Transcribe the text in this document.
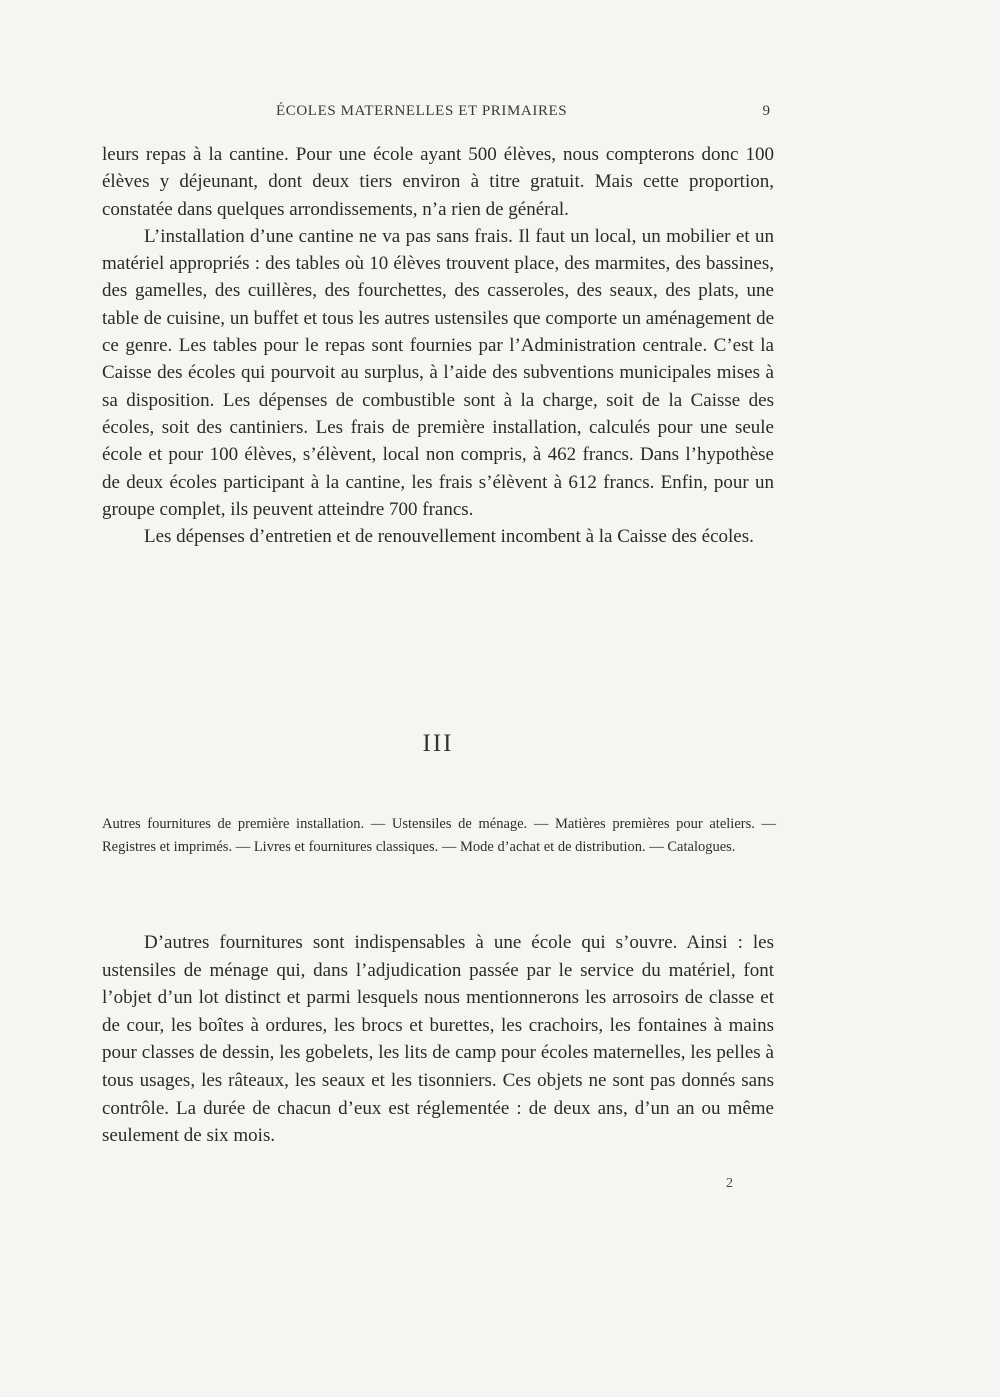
ÉCOLES MATERNELLES ET PRIMAIRES	9

leurs repas à la cantine. Pour une école ayant 500 élèves, nous compterons donc 100 élèves y déjeunant, dont deux tiers environ à titre gratuit. Mais cette proportion, constatée dans quelques arrondissements, n’a rien de général.

L’installation d’une cantine ne va pas sans frais. Il faut un local, un mobilier et un matériel appropriés : des tables où 10 élèves trouvent place, des marmites, des bassines, des gamelles, des cuillères, des fourchettes, des casseroles, des seaux, des plats, une table de cuisine, un buffet et tous les autres ustensiles que comporte un aménagement de ce genre. Les tables pour le repas sont fournies par l’Administration centrale. C’est la Caisse des écoles qui pourvoit au surplus, à l’aide des subventions municipales mises à sa disposition. Les dépenses de combustible sont à la charge, soit de la Caisse des écoles, soit des cantiniers. Les frais de première installation, calculés pour une seule école et pour 100 élèves, s’élèvent, local non compris, à 462 francs. Dans l’hypothèse de deux écoles participant à la cantine, les frais s’élèvent à 612 francs. Enfin, pour un groupe complet, ils peuvent atteindre 700 francs.

Les dépenses d’entretien et de renouvellement incombent à la Caisse des écoles.

III

Autres fournitures de première installation. — Ustensiles de ménage. — Matières premières pour ateliers. — Registres et imprimés. — Livres et fournitures classiques. — Mode d’achat et de distribution. — Catalogues.

D’autres fournitures sont indispensables à une école qui s’ouvre. Ainsi : les ustensiles de ménage qui, dans l’adjudication passée par le service du matériel, font l’objet d’un lot distinct et parmi lesquels nous mentionnerons les arrosoirs de classe et de cour, les boîtes à ordures, les brocs et burettes, les crachoirs, les fontaines à mains pour classes de dessin, les gobelets, les lits de camp pour écoles maternelles, les pelles à tous usages, les râteaux, les seaux et les tisonniers. Ces objets ne sont pas donnés sans contrôle. La durée de chacun d’eux est réglementée : de deux ans, d’un an ou même seulement de six mois.

2
